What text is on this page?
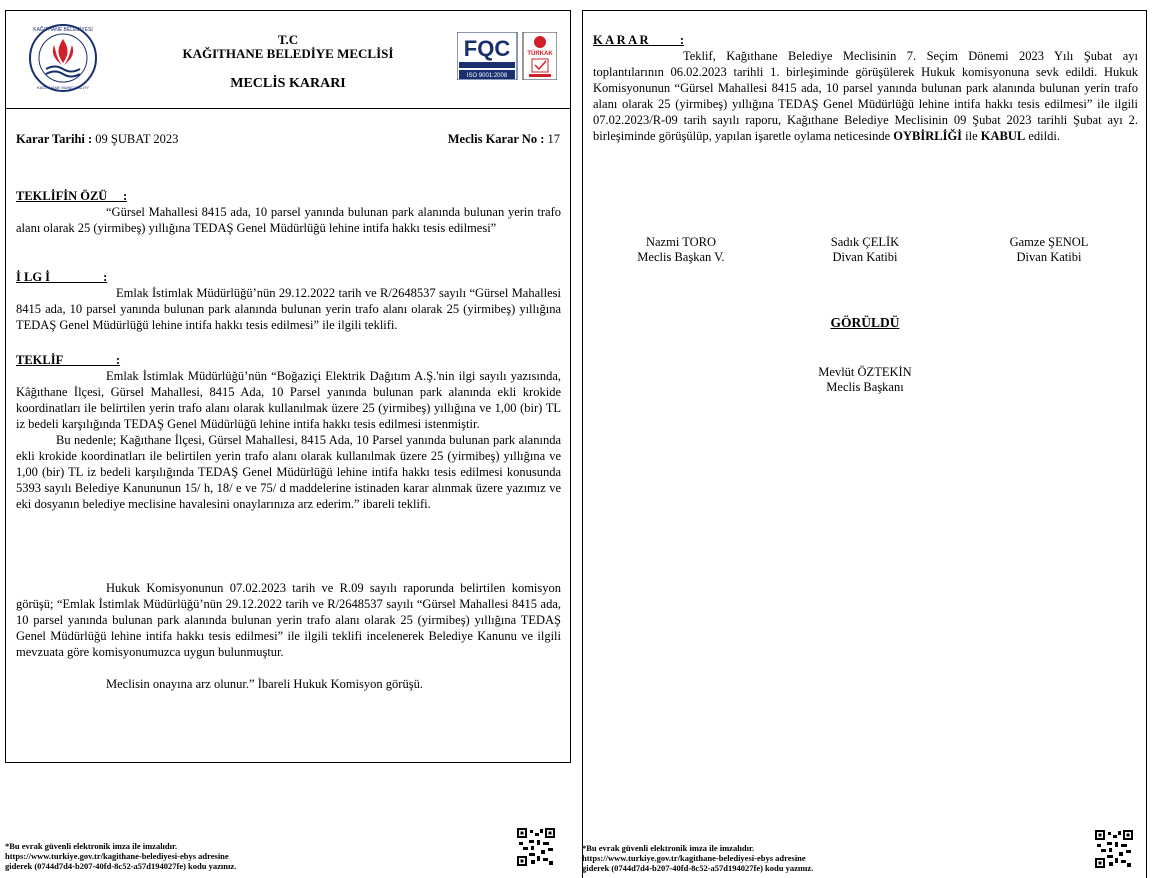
KAĞITHANE BELEDİYESİ
KAĞITHANE MUNICIPALITY
T.C
KAĞITHANE BELEDİYE MECLİSİ
MECLİS KARARI
FQC
ISO 9001:2008
TÜRKAK
Karar Tarihi : 09 ŞUBAT 2023	Meclis Karar No : 17
TEKLİFİN ÖZÜ     :

“Gürsel Mahallesi 8415 ada, 10 parsel yanında bulunan park alanında bulunan yerin trafo alanı olarak 25 (yirmibeş) yıllığına TEDAŞ Genel Müdürlüğü lehine intifa hakkı tesis edilmesi”

İ LG İ                 :

Emlak İstimlak Müdürlüğü’nün 29.12.2022 tarih ve R/2648537 sayılı “Gürsel Mahallesi 8415 ada, 10 parsel yanında bulunan park alanında bulunan yerin trafo alanı olarak 25 (yirmibeş) yıllığına TEDAŞ Genel Müdürlüğü lehine intifa hakkı tesis edilmesi” ile ilgili teklifi.

TEKLİF                 :

Emlak İstimlak Müdürlüğü’nün “Boğaziçi Elektrik Dağıtım A.Ş.'nin ilgi sayılı yazısında, Kâğıthane İlçesi, Gürsel Mahallesi, 8415 Ada, 10 Parsel yanında bulunan park alanında ekli krokide koordinatları ile belirtilen yerin trafo alanı olarak kullanılmak üzere 25 (yirmibeş) yıllığına ve 1,00 (bir) TL iz bedeli karşılığında TEDAŞ Genel Müdürlüğü lehine intifa hakkı tesis edilmesi istenmiştir.

Bu nedenle; Kağıthane İlçesi, Gürsel Mahallesi, 8415 Ada, 10 Parsel yanında bulunan park alanında ekli krokide koordinatları ile belirtilen yerin trafo alanı olarak kullanılmak üzere 25 (yirmibeş) yıllığına ve 1,00 (bir) TL iz bedeli karşılığında TEDAŞ Genel Müdürlüğü lehine intifa hakkı tesis edilmesi konusunda 5393 sayılı Belediye Kanununun 15/ h, 18/ e ve 75/ d maddelerine istinaden karar alınmak üzere yazımız ve eki dosyanın belediye meclisine havalesini onaylarınıza arz ederim.” ibareli teklifi.

Hukuk Komisyonunun 07.02.2023 tarih ve R.09 sayılı raporunda belirtilen komisyon görüşü; “Emlak İstimlak Müdürlüğü’nün 29.12.2022 tarih ve R/2648537 sayılı “Gürsel Mahallesi 8415 ada, 10 parsel yanında bulunan park alanında bulunan yerin trafo alanı olarak 25 (yirmibeş) yıllığına TEDAŞ Genel Müdürlüğü lehine intifa hakkı tesis edilmesi” ile ilgili teklifi incelenerek Belediye Kanunu ve ilgili mevzuata göre komisyonumuzca uygun bulunmuştur.

Meclisin onayına arz olunur.” İbareli Hukuk Komisyon görüşü.

*Bu evrak güvenli elektronik imza ile imzalıdır.
https://www.turkiye.gov.tr/kagithane-belediyesi-ebys adresine
giderek (0744d7d4-b207-40fd-8c52-a57d194027fe) kodu yazınız.
K A R A R          :

Teklif, Kağıthane Belediye Meclisinin 7. Seçim Dönemi 2023 Yılı Şubat ayı toplantılarının 06.02.2023 tarihli 1. birleşiminde görüşülerek Hukuk komisyonuna sevk edildi. Hukuk Komisyonunun “Gürsel Mahallesi 8415 ada, 10 parsel yanında bulunan park alanında bulunan yerin trafo alanı olarak 25 (yirmibeş) yıllığına TEDAŞ Genel Müdürlüğü lehine intifa hakkı tesis edilmesi” ile ilgili 07.02.2023/R-09 tarih sayılı raporu, Kağıthane Belediye Meclisinin 09 Şubat 2023 tarihli Şubat ayı 2. birleşiminde görüşülüp, yapılan işaretle oylama neticesinde OYBİRLİĞİ ile KABUL edildi.

Nazmi TORO
Meclis Başkan V.
Sadık ÇELİK
Divan Katibi
Gamze ŞENOL
Divan Katibi
GÖRÜLDÜ
Mevlüt ÖZTEKİN
Meclis Başkanı
*Bu evrak güvenli elektronik imza ile imzalıdır.
https://www.turkiye.gov.tr/kagithane-belediyesi-ebys adresine
giderek (0744d7d4-b207-40fd-8c52-a57d194027fe) kodu yazınız.
